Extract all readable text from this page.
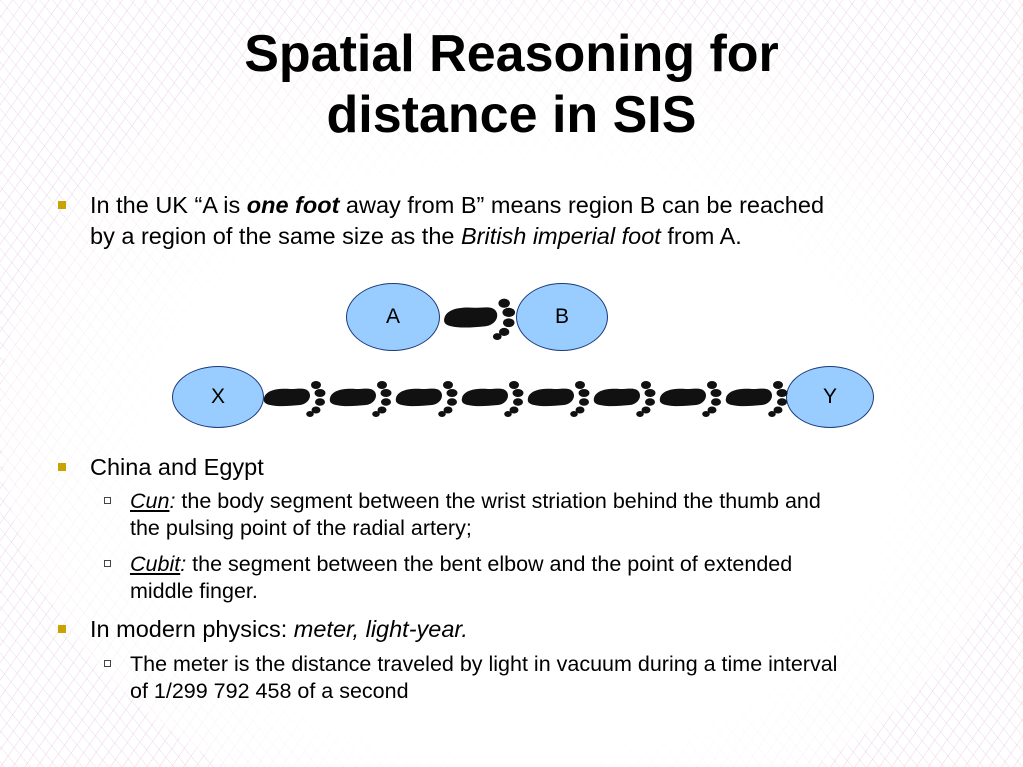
Spatial Reasoning for
distance in SIS
In the UK “A is one foot away from B” means region B can be reached
by a region of the same size as the British imperial foot from A.
A	B
X	Y
China and Egypt
Cun: the body segment between the wrist striation behind the thumb and
the pulsing point of the radial artery;
Cubit: the segment between the bent elbow and the point of extended
middle finger.
In modern physics: meter, light-year.
The meter is the distance traveled by light in vacuum during a time interval
of 1/299 792 458 of a second
